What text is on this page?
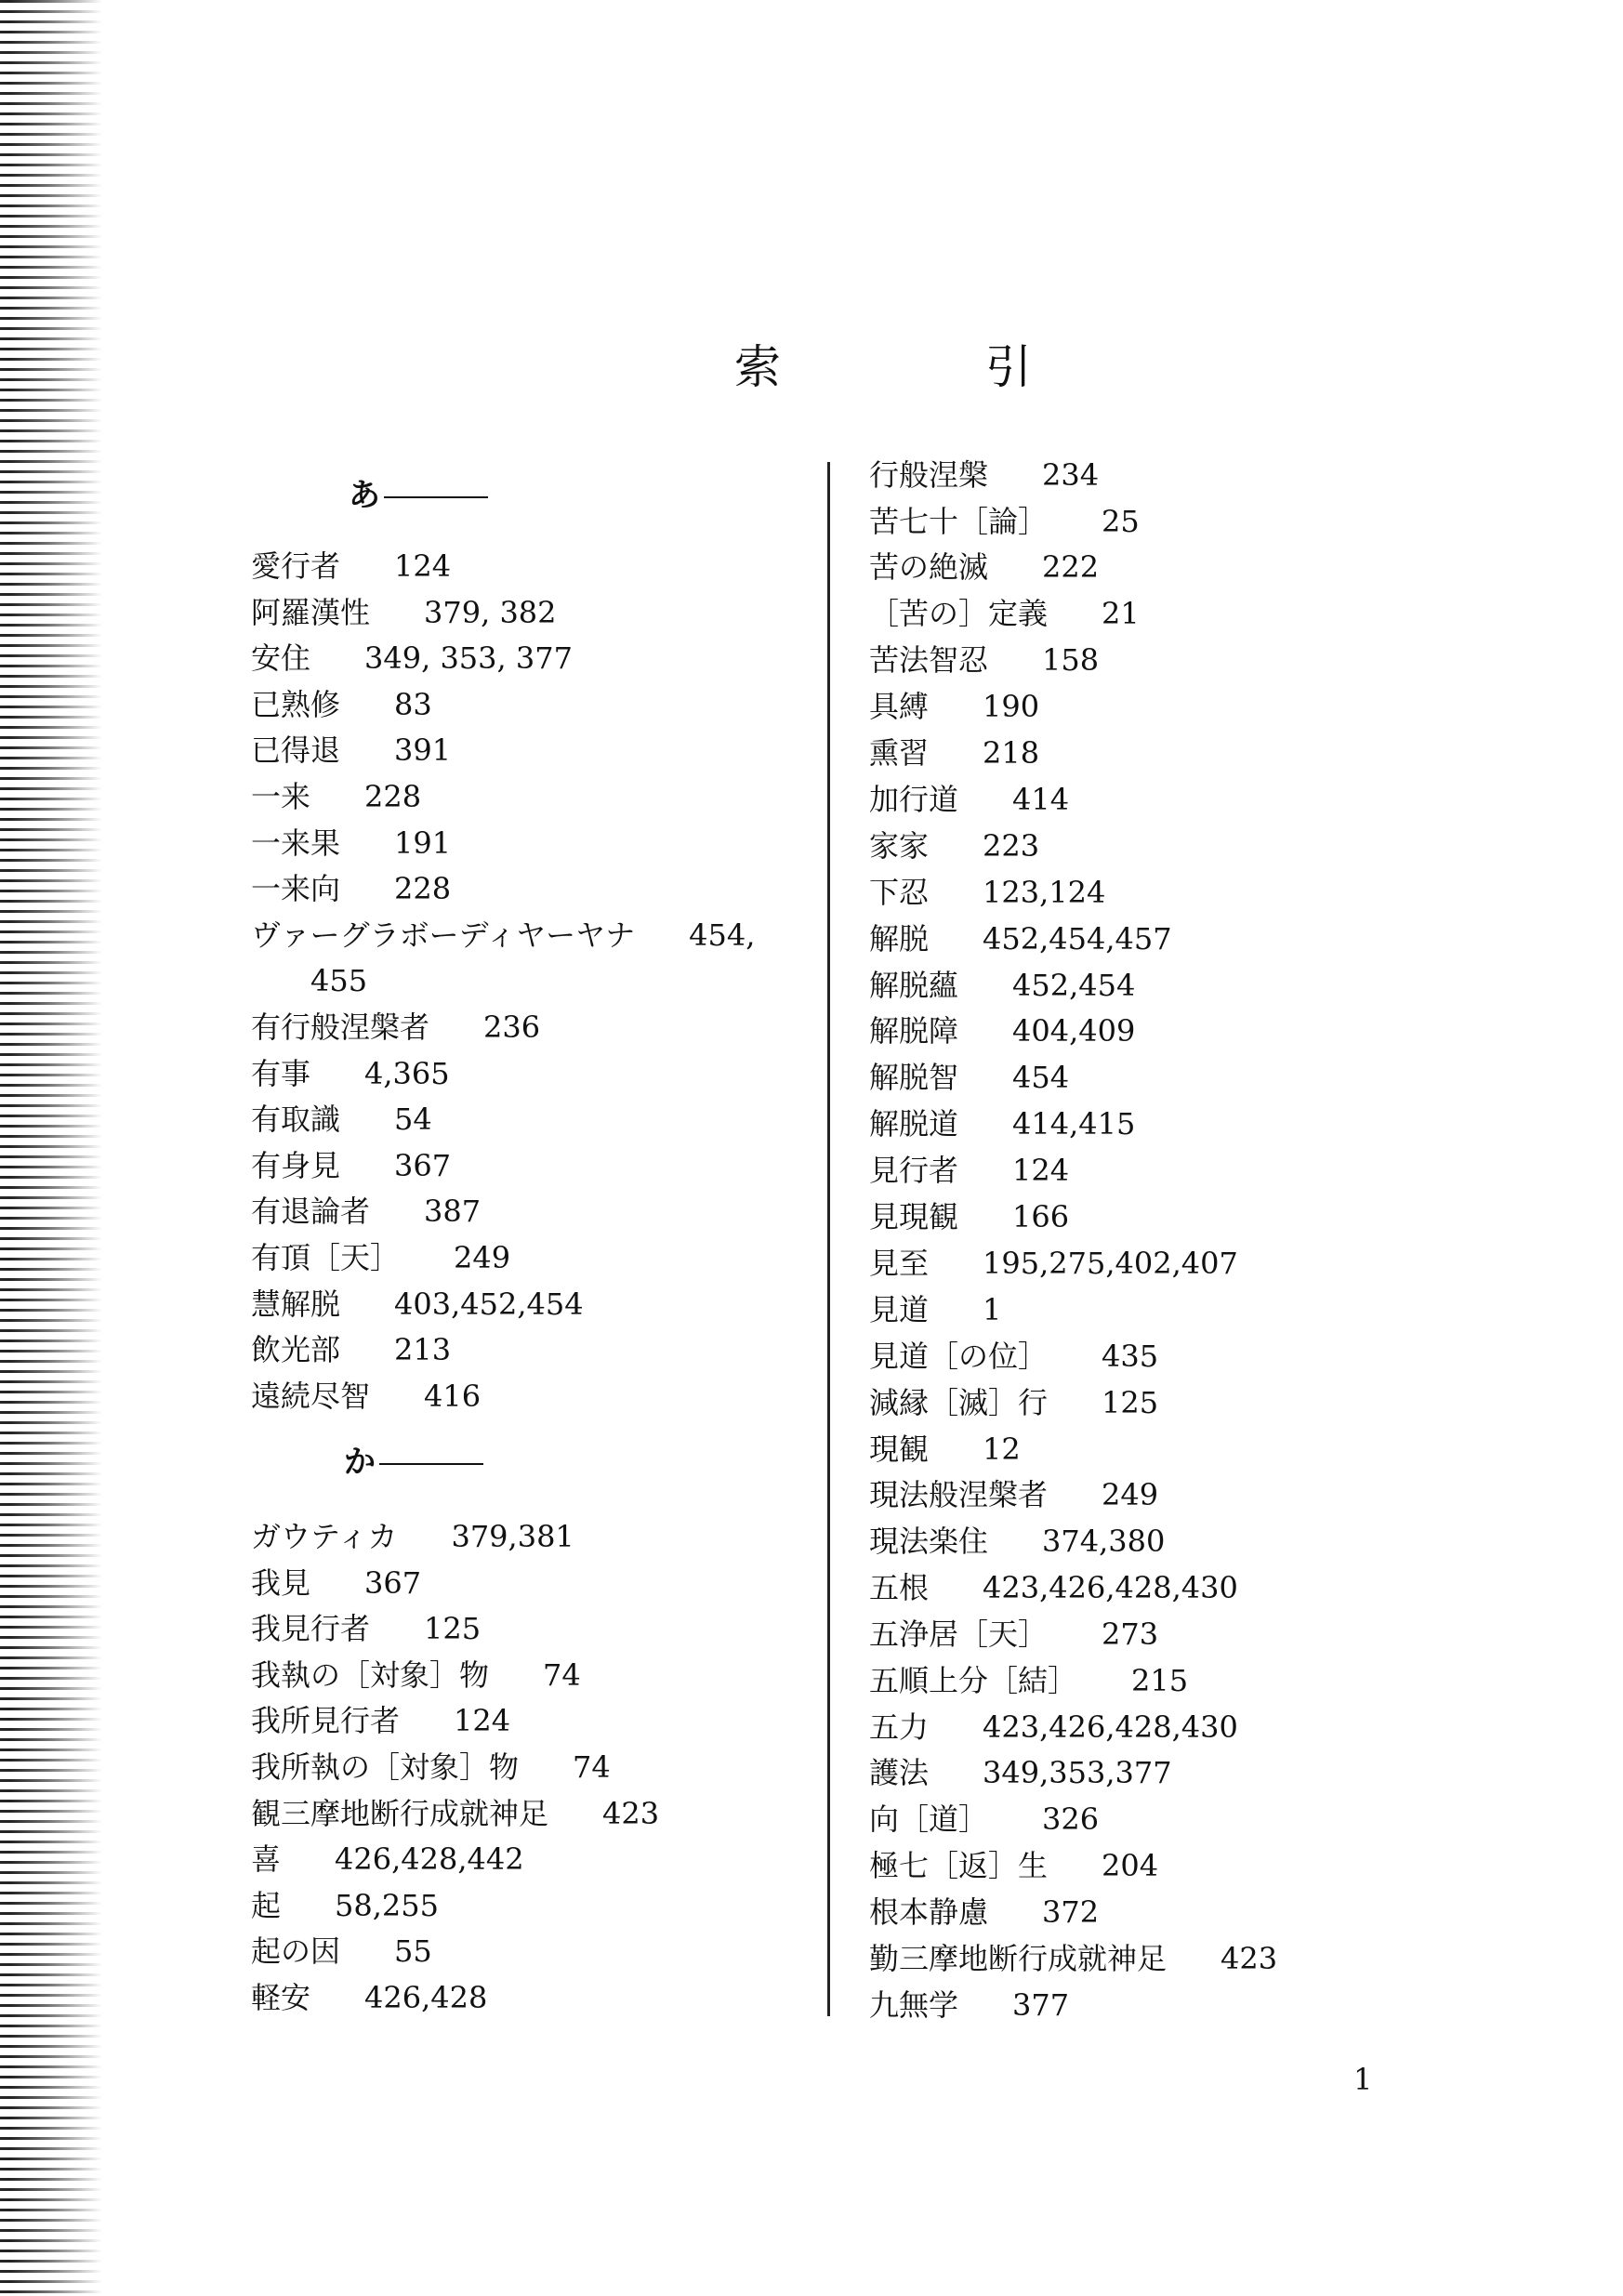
索　引
あ
愛行者 124
阿羅漢性 379, 382
安住 349, 353, 377
已熟修 83
已得退 391
一来 228
一来果 191
一来向 228
ヴァーグラボーディヤーヤナ 454,
455
有行般涅槃者 236
有事 4,365
有取識 54
有身見 367
有退論者 387
有頂［天］ 249
慧解脱 403,452,454
飲光部 213
遠続尽智 416
か
ガウティカ 379,381
我見 367
我見行者 125
我執の［対象］物 74
我所見行者 124
我所執の［対象］物 74
観三摩地断行成就神足 423
喜 426,428,442
起 58,255
起の因 55
軽安 426,428
行般涅槃 234
苦七十［論］ 25
苦の絶滅 222
［苦の］定義 21
苦法智忍 158
具縛 190
熏習 218
加行道 414
家家 223
下忍 123,124
解脱 452,454,457
解脱蘊 452,454
解脱障 404,409
解脱智 454
解脱道 414,415
見行者 124
見現観 166
見至 195,275,402,407
見道 1
見道［の位］ 435
減縁［滅］行 125
現観 12
現法般涅槃者 249
現法楽住 374,380
五根 423,426,428,430
五浄居［天］ 273
五順上分［結］ 215
五力 423,426,428,430
護法 349,353,377
向［道］ 326
極七［返］生 204
根本静慮 372
勤三摩地断行成就神足 423
九無学 377
1
